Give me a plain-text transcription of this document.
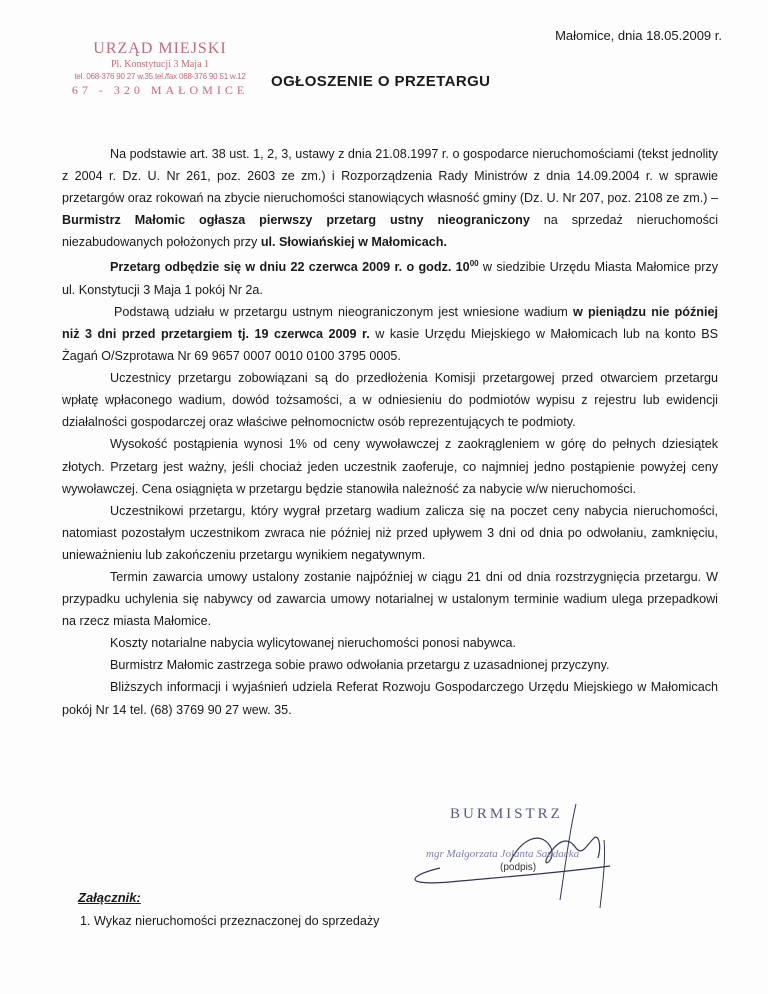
Małomice, dnia 18.05.2009 r.
URZĄD MIEJSKI
Pl. Konstytucji 3 Maja 1
tel. 068-376 90 27 w.35.tel./fax 068-376 90 51 w.12
67 - 320 MAŁOMICE	OGŁOSZENIE O PRZETARGU

Na podstawie art. 38 ust. 1, 2, 3, ustawy z dnia 21.08.1997 r. o gospodarce nieruchomościami (tekst jednolity z 2004 r. Dz. U. Nr 261, poz. 2603 ze zm.) i Rozporządzenia Rady Ministrów z dnia 14.09.2004 r. w sprawie przetargów oraz rokowań na zbycie nieruchomości stanowiących własność gminy (Dz. U. Nr 207, poz. 2108 ze zm.) – Burmistrz Małomic ogłasza pierwszy przetarg ustny nieograniczony na sprzedaż nieruchomości niezabudowanych położonych przy ul. Słowiańskiej w Małomicach.

Przetarg odbędzie się w dniu 22 czerwca 2009 r. o godz. $10^{00}$ w siedzibie Urzędu Miasta Małomice przy ul. Konstytucji 3 Maja 1 pokój Nr 2a.

Podstawą udziału w przetargu ustnym nieograniczonym jest wniesione wadium w pieniądzu nie później niż 3 dni przed przetargiem tj. 19 czerwca 2009 r. w kasie Urzędu Miejskiego w Małomicach lub na konto BS Żagań O/Szprotawa Nr 69 9657 0007 0010 0100 3795 0005.

Uczestnicy przetargu zobowiązani są do przedłożenia Komisji przetargowej przed otwarciem przetargu wpłatę wpłaconego wadium, dowód tożsamości, a w odniesieniu do podmiotów wypisu z rejestru lub ewidencji działalności gospodarczej oraz właściwe pełnomocnictw osób reprezentujących te podmioty.

Wysokość postąpienia wynosi 1% od ceny wywoławczej z zaokrągleniem w górę do pełnych dziesiątek złotych. Przetarg jest ważny, jeśli chociaż jeden uczestnik zaoferuje, co najmniej jedno postąpienie powyżej ceny wywoławczej. Cena osiągnięta w przetargu będzie stanowiła należność za nabycie w/w nieruchomości.

Uczestnikowi przetargu, który wygrał przetarg wadium zalicza się na poczet ceny nabycia nieruchomości, natomiast pozostałym uczestnikom zwraca nie później niż przed upływem 3 dni od dnia po odwołaniu, zamknięciu, unieważnieniu lub zakończeniu przetargu wynikiem negatywnym.

Termin zawarcia umowy ustalony zostanie najpóźniej w ciągu 21 dni od dnia rozstrzygnięcia przetargu. W przypadku uchylenia się nabywcy od zawarcia umowy notarialnej w ustalonym terminie wadium ulega przepadkowi na rzecz miasta Małomice.

Koszty notarialne nabycia wylicytowanej nieruchomości ponosi nabywca.

Burmistrz Małomic zastrzega sobie prawo odwołania przetargu z uzasadnionej przyczyny.

Bliższych informacji i wyjaśnień udziela Referat Rozwoju Gospodarczego Urzędu Miejskiego w Małomicach pokój Nr 14 tel. (68) 3769 90 27 wew. 35.

BURMISTRZ
mgr Małgorzata Jolanta Saudacka
(podpis)
Załącznik:
1. Wykaz nieruchomości przeznaczonej do sprzedaży
